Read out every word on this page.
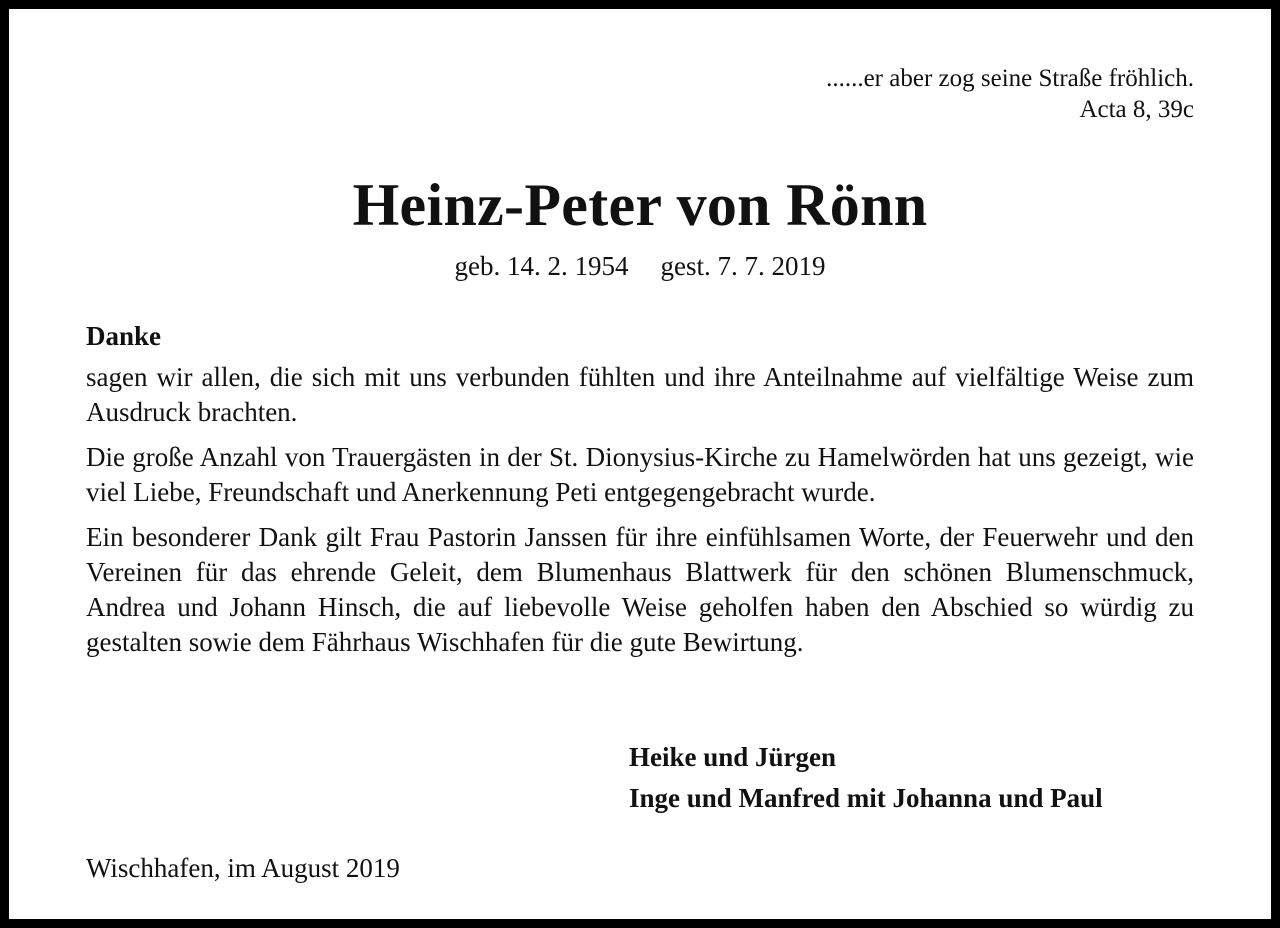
......er aber zog seine Straße fröhlich.
Acta 8, 39c
Heinz-Peter von Rönn
geb. 14. 2. 1954 gest. 7. 7. 2019
Danke

sagen wir allen, die sich mit uns verbunden fühlten und ihre Anteilnahme auf vielfältige Weise zum Ausdruck brachten.

Die große Anzahl von Trauergästen in der St. Dionysius-Kirche zu Hamelwörden hat uns gezeigt, wie viel Liebe, Freundschaft und Anerkennung Peti entgegengebracht wurde.

Ein besonderer Dank gilt Frau Pastorin Janssen für ihre einfühlsamen Worte, der Feuerwehr und den Vereinen für das ehrende Geleit, dem Blumenhaus Blattwerk für den schönen Blumenschmuck, Andrea und Johann Hinsch, die auf liebevolle Weise geholfen haben den Abschied so würdig zu gestalten sowie dem Fährhaus Wischhafen für die gute Bewirtung.

Heike und Jürgen
Inge und Manfred mit Johanna und Paul
Wischhafen, im August 2019
